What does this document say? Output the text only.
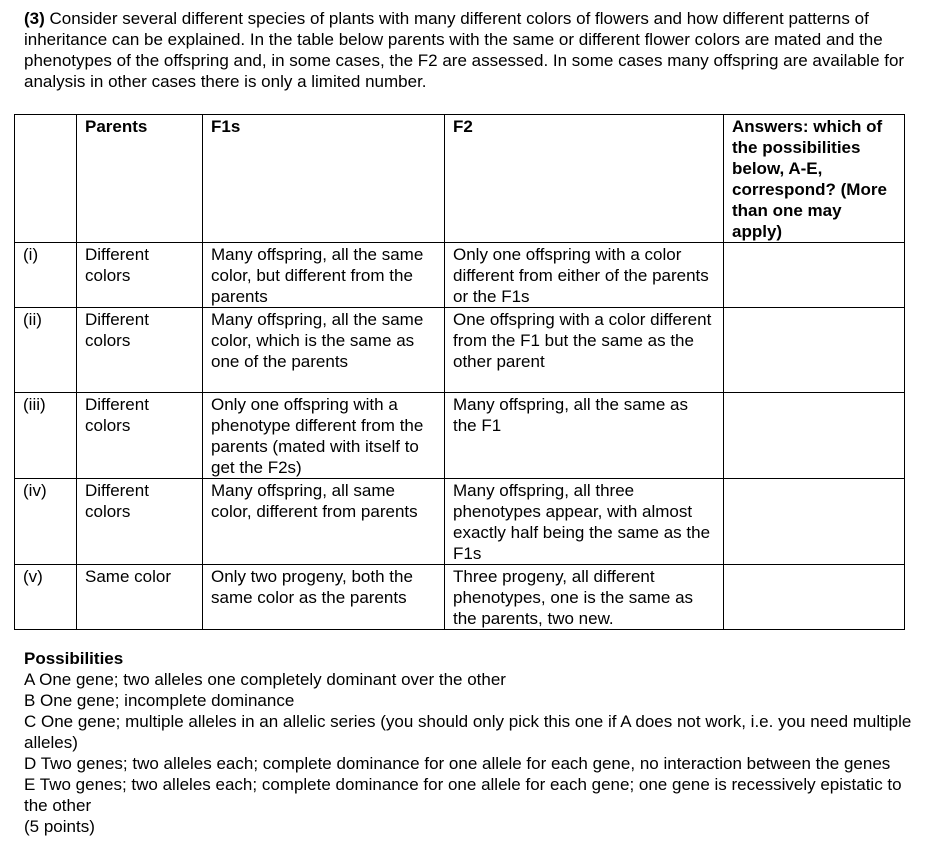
(3) Consider several different species of plants with many different colors of flowers and how different patterns of inheritance can be explained. In the table below parents with the same or different flower colors are mated and the phenotypes of the offspring and, in some cases, the F2 are assessed. In some cases many offspring are available for analysis in other cases there is only a limited number.

	Parents	F1s	F2	Answers: which of the possibilities below, A-E, correspond? (More than one may apply)
(i)	Different colors	Many offspring, all the same color, but different from the parents	Only one offspring with a color different from either of the parents or the F1s	
(ii)	Different colors	Many offspring, all the same color, which is the same as one of the parents	One offspring with a color different from the F1 but the same as the other parent	
(iii)	Different colors	Only one offspring with a phenotype different from the parents (mated with itself to get the F2s)	Many offspring, all the same as the F1	
(iv)	Different colors	Many offspring, all same color, different from parents	Many offspring, all three phenotypes appear, with almost exactly half being the same as the F1s	
(v)	Same color	Only two progeny, both the same color as the parents	Three progeny, all different phenotypes, one is the same as the parents, two new.	

Possibilities

A One gene; two alleles one completely dominant over the other

B One gene; incomplete dominance

C One gene; multiple alleles in an allelic series (you should only pick this one if A does not work, i.e. you need multiple alleles)

D Two genes; two alleles each; complete dominance for one allele for each gene, no interaction between the genes

E Two genes; two alleles each; complete dominance for one allele for each gene; one gene is recessively epistatic to the other

(5 points)
